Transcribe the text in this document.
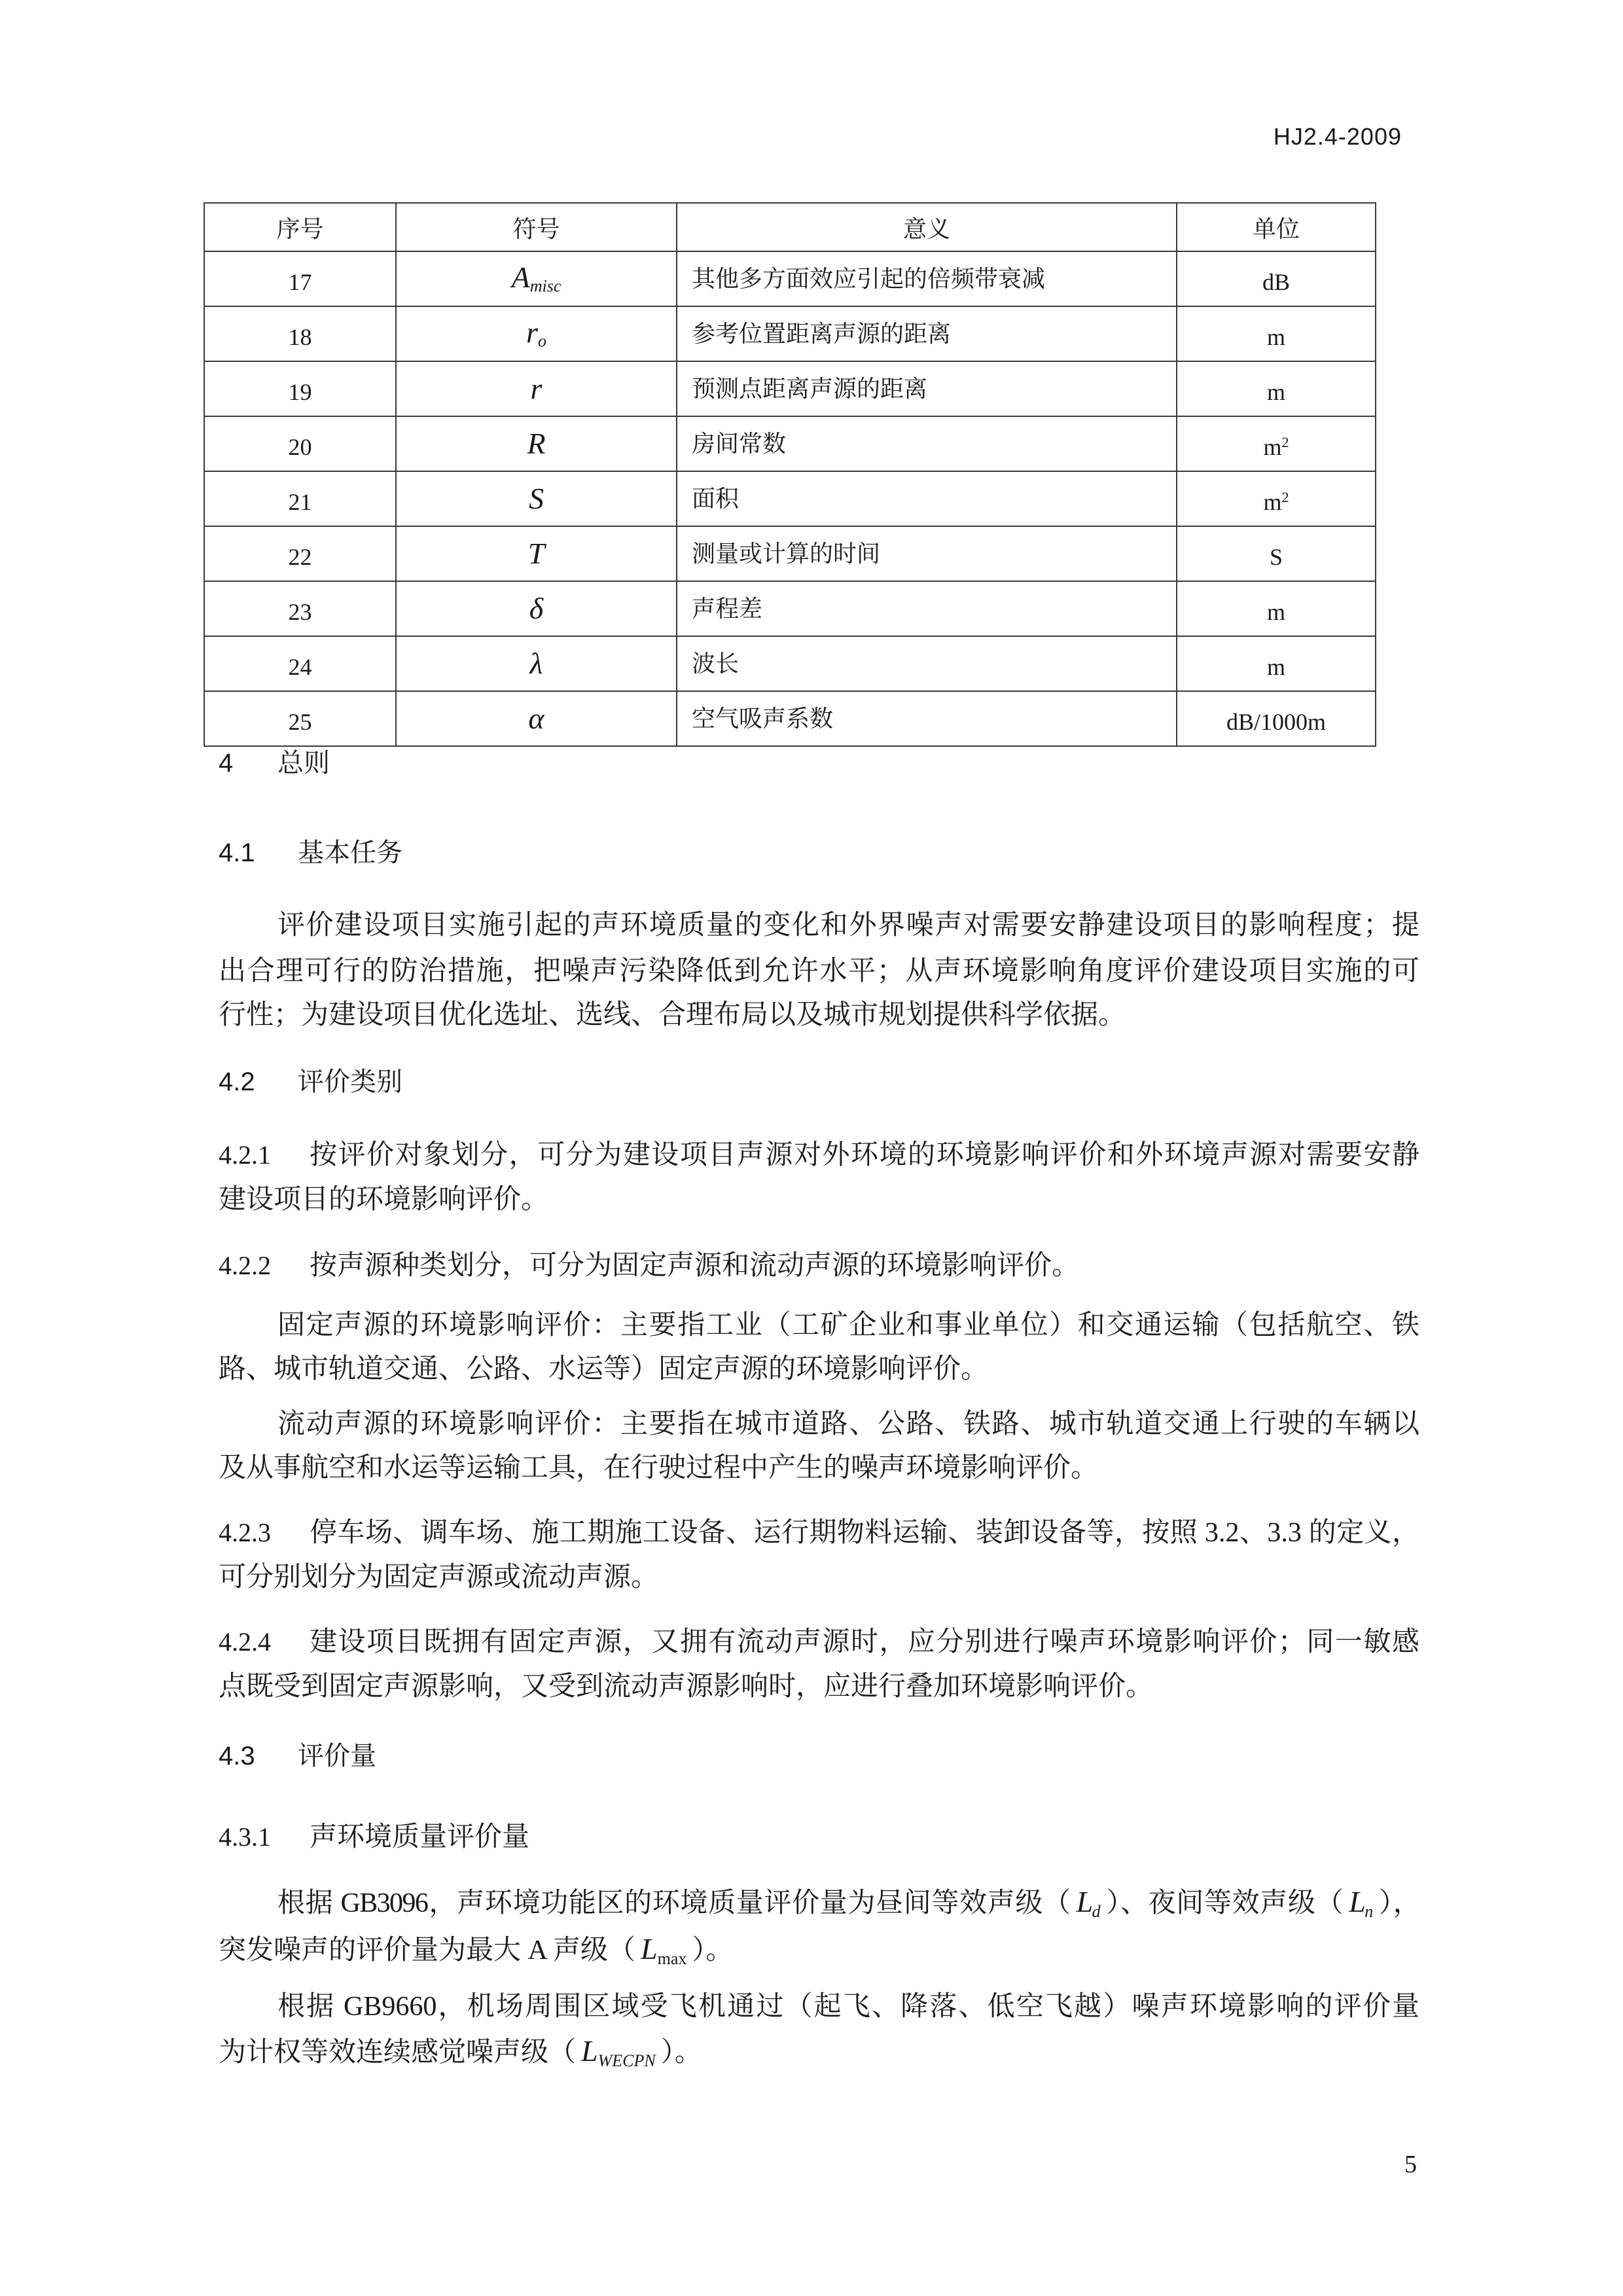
HJ2.4-2009
序号	符号	意义	单位
17	$A_{misc}$	其他多方面效应引起的倍频带衰减	dB
18	$r_o$	参考位置距离声源的距离	m
19	r	预测点距离声源的距离	m
20	R	房间常数	$m^2$
21	S	面积	$m^2$
22	T	测量或计算的时间	S
23	δ	声程差	m
24	λ	波长	m
25	α	空气吸声系数	dB/1000m
4 总则
4.1 基本任务
评价建设项目实施引起的声环境质量的变化和外界噪声对需要安静建设项目的影响程度；提
出合理可行的防治措施，把噪声污染降低到允许水平；从声环境影响角度评价建设项目实施的可
行性；为建设项目优化选址、选线、合理布局以及城市规划提供科学依据。
4.2 评价类别
4.2.1 按评价对象划分，可分为建设项目声源对外环境的环境影响评价和外环境声源对需要安静
建设项目的环境影响评价。
4.2.2 按声源种类划分，可分为固定声源和流动声源的环境影响评价。
固定声源的环境影响评价：主要指工业（工矿企业和事业单位）和交通运输（包括航空、铁
路、城市轨道交通、公路、水运等）固定声源的环境影响评价。
流动声源的环境影响评价：主要指在城市道路、公路、铁路、城市轨道交通上行驶的车辆以
及从事航空和水运等运输工具，在行驶过程中产生的噪声环境影响评价。
4.2.3 停车场、调车场、施工期施工设备、运行期物料运输、装卸设备等，按照 3.2、3.3 的定义，
可分别划分为固定声源或流动声源。
4.2.4 建设项目既拥有固定声源，又拥有流动声源时，应分别进行噪声环境影响评价；同一敏感
点既受到固定声源影响，又受到流动声源影响时，应进行叠加环境影响评价。
4.3 评价量
4.3.1 声环境质量评价量
根据 GB3096，声环境功能区的环境质量评价量为昼间等效声级（ $L_d$ ）、夜间等效声级（ $L_n$ ），
突发噪声的评价量为最大 A 声级（ $L_{max}$ ）。
根据 GB9660，机场周围区域受飞机通过（起飞、降落、低空飞越）噪声环境影响的评价量
为计权等效连续感觉噪声级（ $L_{WECPN}$ ）。
5
